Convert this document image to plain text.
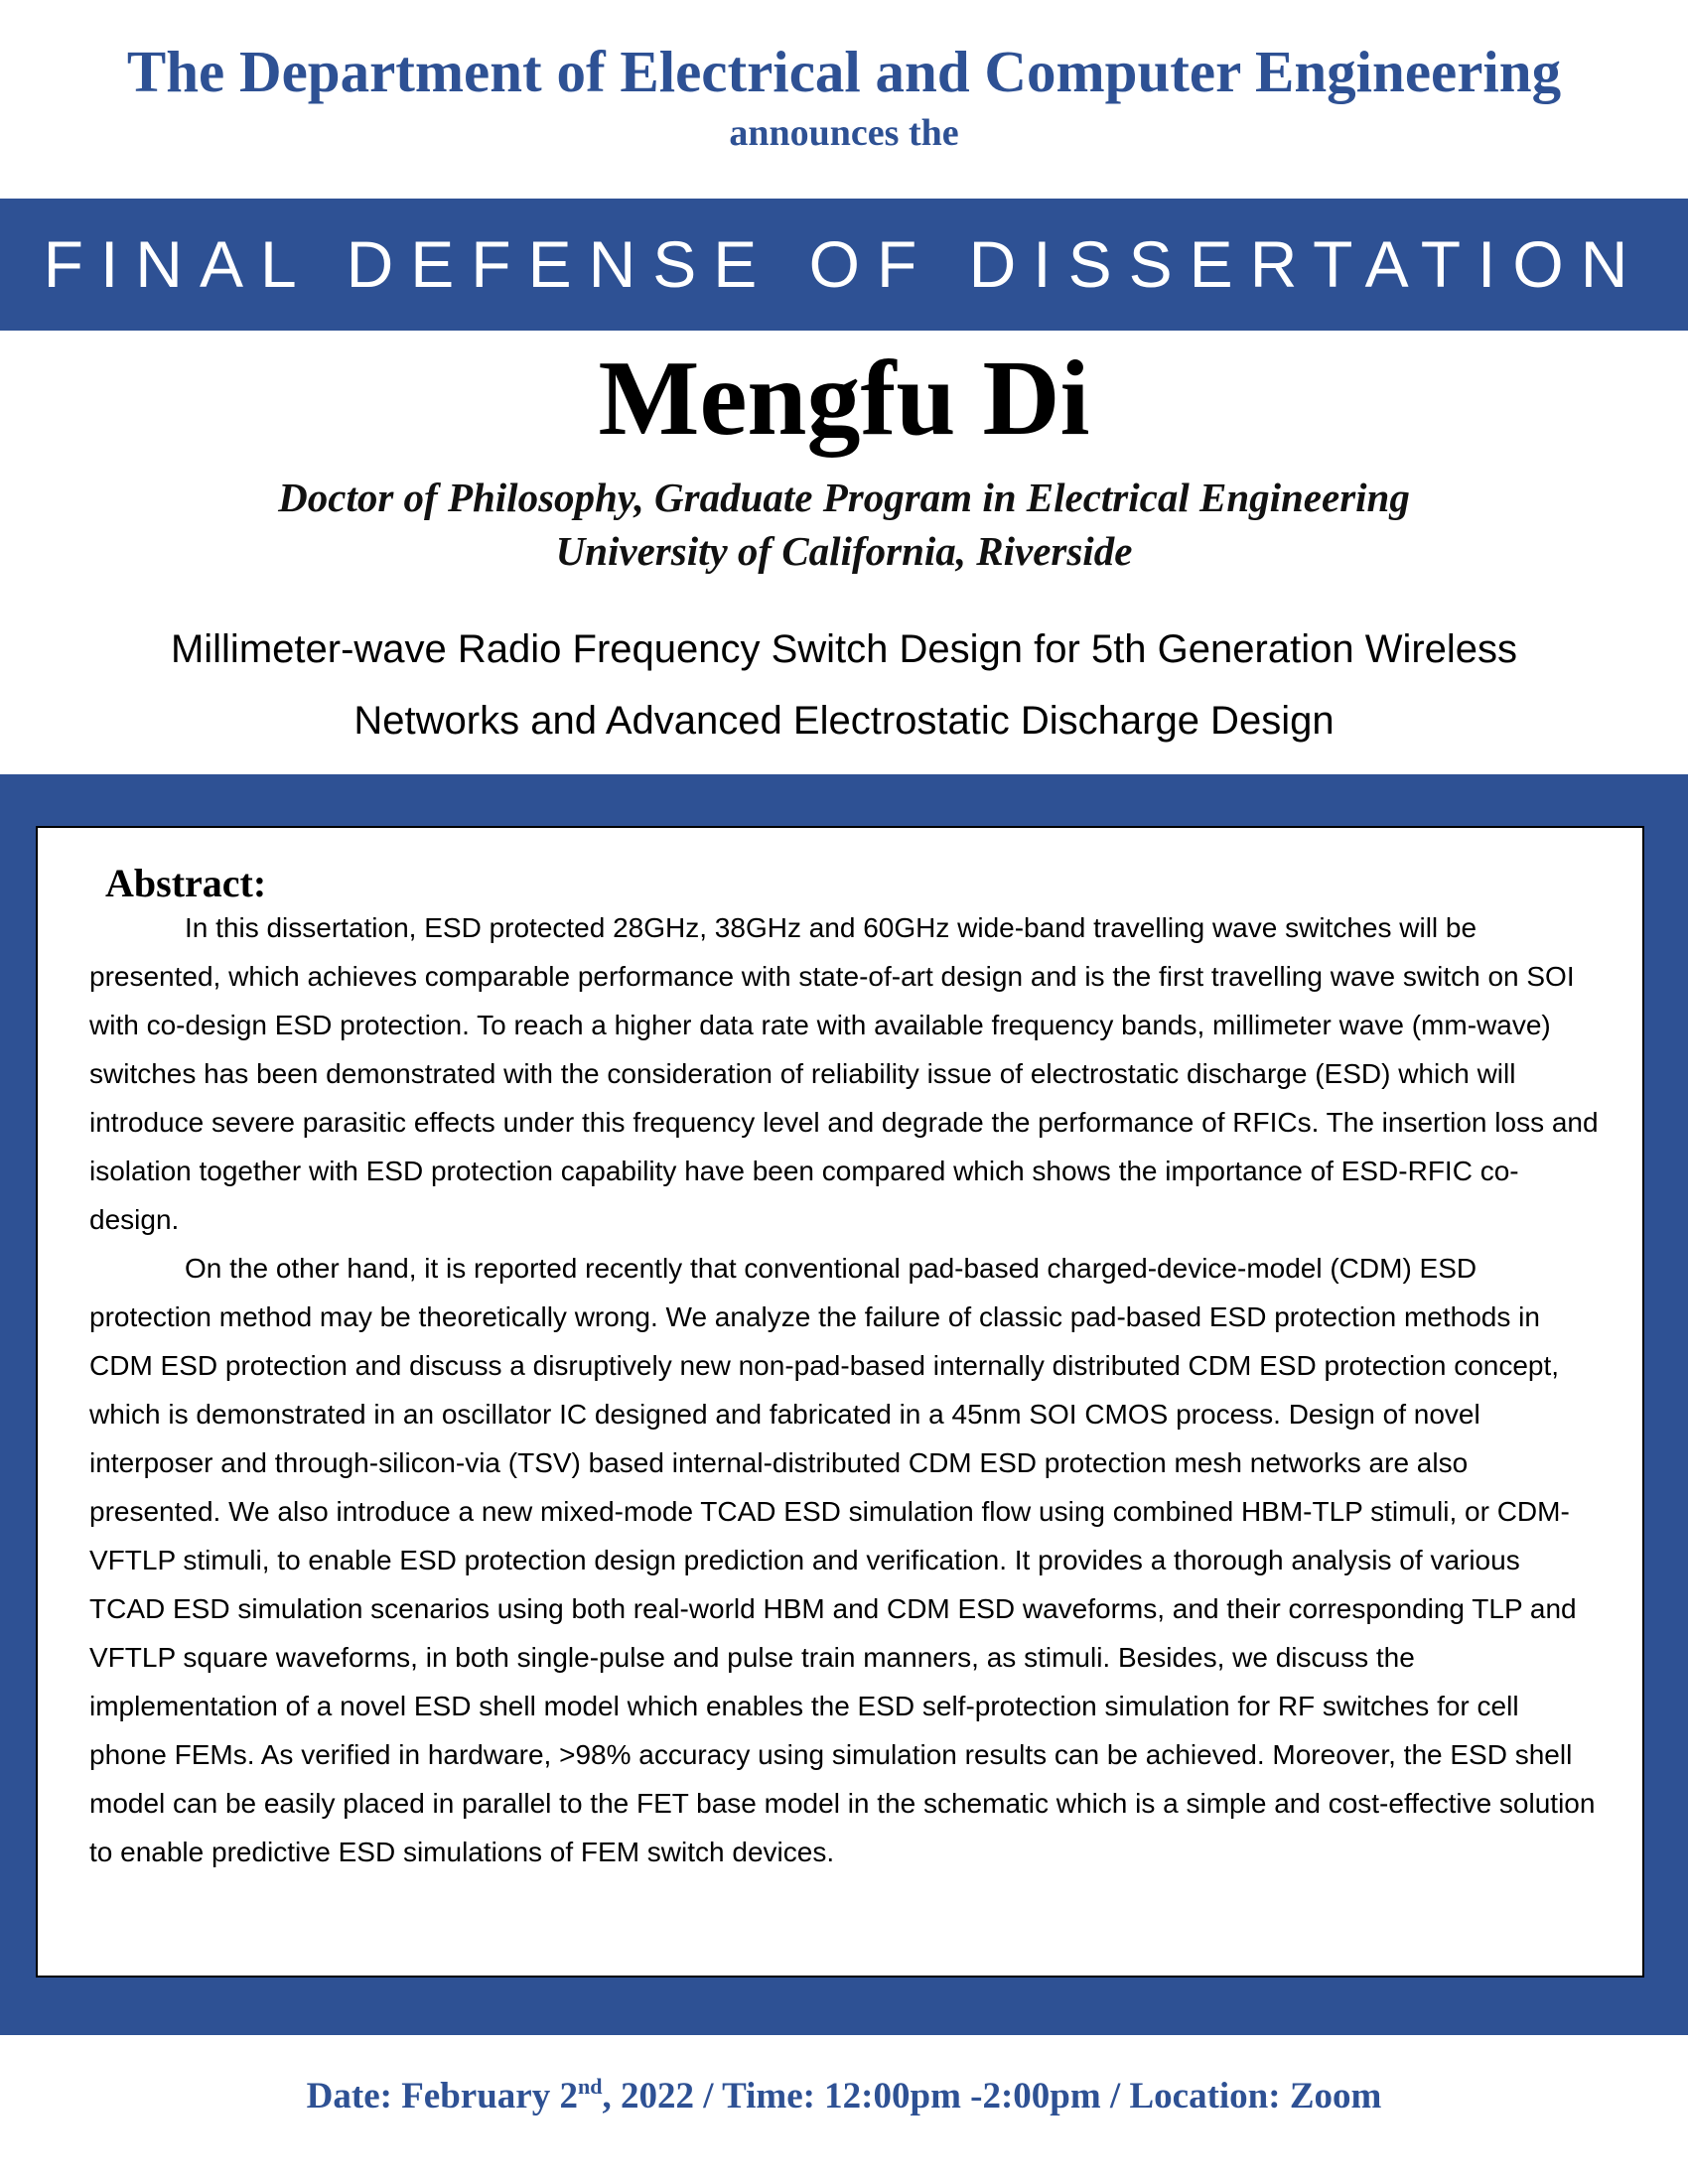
The Department of Electrical and Computer Engineering
announces the
FINAL DEFENSE OF DISSERTATION
Mengfu Di
Doctor of Philosophy, Graduate Program in Electrical Engineering
University of California, Riverside
Millimeter-wave Radio Frequency Switch Design for 5th Generation Wireless
Networks and Advanced Electrostatic Discharge Design
Abstract:

In this dissertation, ESD protected 28GHz, 38GHz and 60GHz wide-band travelling wave switches will be presented, which achieves comparable performance with state-of-art design and is the first travelling wave switch on SOI with co-design ESD protection. To reach a higher data rate with available frequency bands, millimeter wave (mm-wave) switches has been demonstrated with the consideration of reliability issue of electrostatic discharge (ESD) which will introduce severe parasitic effects under this frequency level and degrade the performance of RFICs. The insertion loss and isolation together with ESD protection capability have been compared which shows the importance of ESD-RFIC co-design.

On the other hand, it is reported recently that conventional pad-based charged-device-model (CDM) ESD protection method may be theoretically wrong. We analyze the failure of classic pad-based ESD protection methods in CDM ESD protection and discuss a disruptively new non-pad-based internally distributed CDM ESD protection concept, which is demonstrated in an oscillator IC designed and fabricated in a 45nm SOI CMOS process. Design of novel interposer and through-silicon-via (TSV) based internal-distributed CDM ESD protection mesh networks are also presented. We also introduce a new mixed-mode TCAD ESD simulation flow using combined HBM-TLP stimuli, or CDM-VFTLP stimuli, to enable ESD protection design prediction and verification. It provides a thorough analysis of various TCAD ESD simulation scenarios using both real-world HBM and CDM ESD waveforms, and their corresponding TLP and VFTLP square waveforms, in both single-pulse and pulse train manners, as stimuli. Besides, we discuss the implementation of a novel ESD shell model which enables the ESD self-protection simulation for RF switches for cell phone FEMs. As verified in hardware, >98% accuracy using simulation results can be achieved. Moreover, the ESD shell model can be easily placed in parallel to the FET base model in the schematic which is a simple and cost-effective solution to enable predictive ESD simulations of FEM switch devices.

Date: February 2nd, 2022 / Time: 12:00pm -2:00pm / Location: Zoom
